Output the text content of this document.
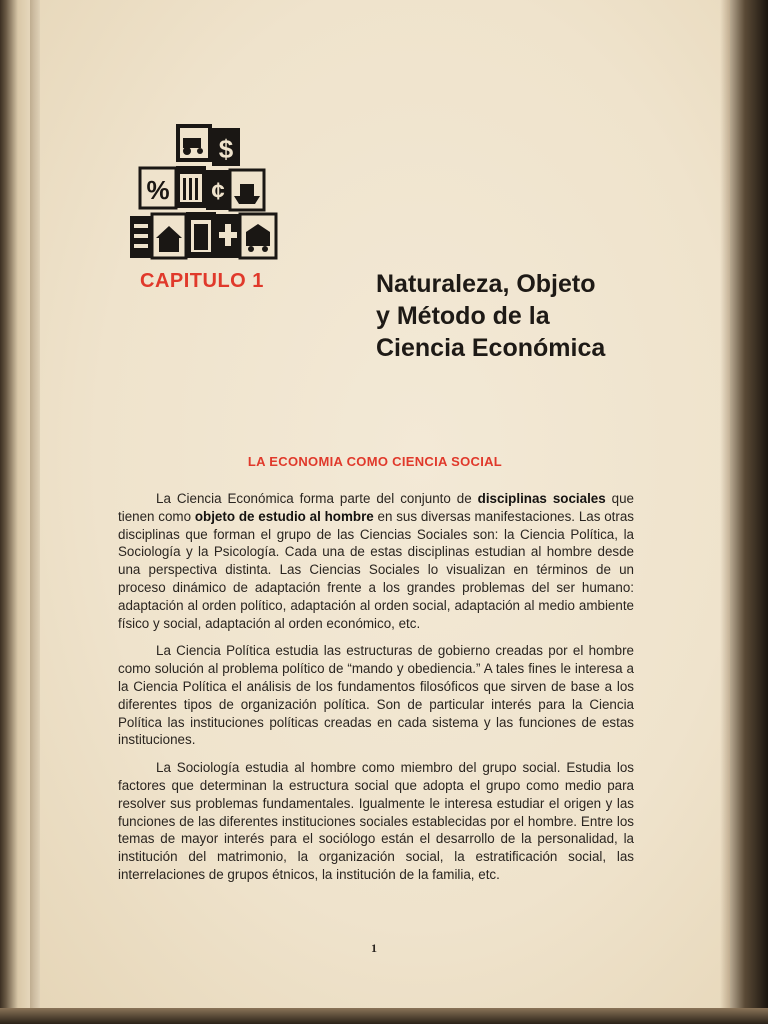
$
% ¢
CAPITULO 1	Naturaleza, Objeto
y Método de la
Ciencia Económica
LA ECONOMIA COMO CIENCIA SOCIAL

La Ciencia Económica forma parte del conjunto de disciplinas sociales que tienen como objeto de estudio al hombre en sus diversas manifestaciones. Las otras disciplinas que forman el grupo de las Ciencias Sociales son: la Ciencia Política, la Sociología y la Psicología. Cada una de estas disciplinas estudian al hombre desde una perspectiva distinta. Las Ciencias Sociales lo visualizan en términos de un proceso dinámico de adaptación frente a los grandes problemas del ser humano: adaptación al orden político, adaptación al orden social, adaptación al medio ambiente físico y social, adaptación al orden económico, etc.

La Ciencia Política estudia las estructuras de gobierno creadas por el hombre como solución al problema político de “mando y obediencia.” A tales fines le interesa a la Ciencia Política el análisis de los fundamentos filosóficos que sirven de base a los diferentes tipos de organización política. Son de particular interés para la Ciencia Política las instituciones políticas creadas en cada sistema y las funciones de estas instituciones.

La Sociología estudia al hombre como miembro del grupo social. Estudia los factores que determinan la estructura social que adopta el grupo como medio para resolver sus problemas fundamentales. Igualmente le interesa estudiar el origen y las funciones de las diferentes instituciones sociales establecidas por el hombre. Entre los temas de mayor interés para el sociólogo están el desarrollo de la personalidad, la institución del matrimonio, la organización social, la estratificación social, las interrelaciones de grupos étnicos, la institución de la familia, etc.

1
